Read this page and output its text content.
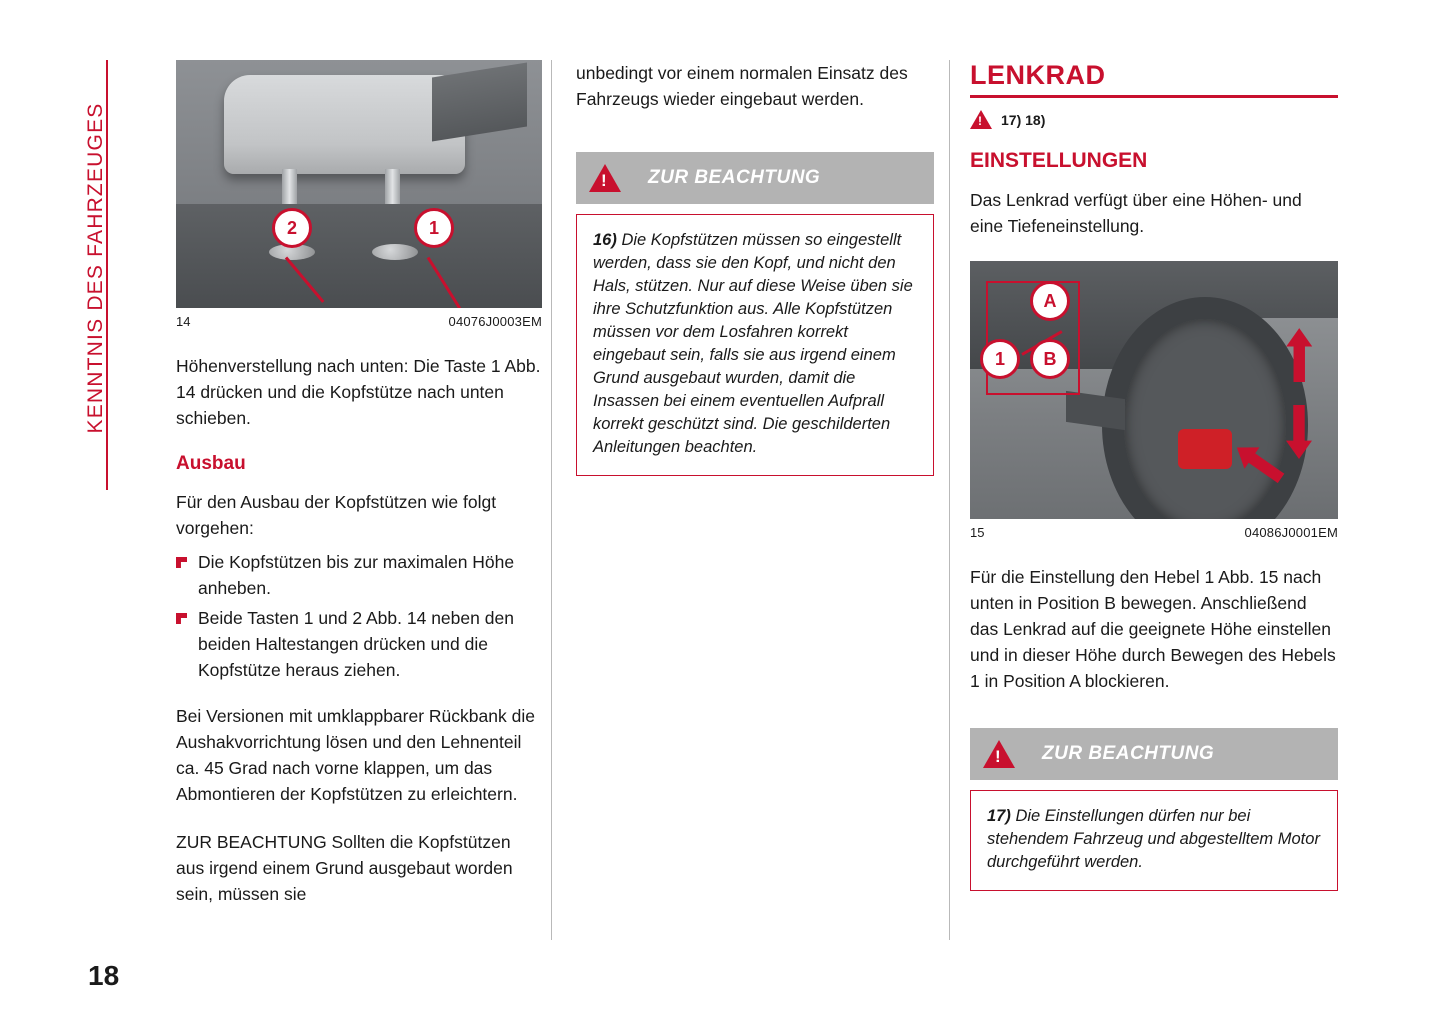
KENNTNIS DES FAHRZEUGES
18
2	1
14	04076J0003EM

Höhenverstellung nach unten: Die Taste 1 Abb. 14 drücken und die Kopfstütze nach unten schieben.

Ausbau

Für den Ausbau der Kopfstützen wie folgt vorgehen:

Die Kopfstützen bis zur maximalen Höhe anheben.
Beide Tasten 1 und 2 Abb. 14 neben den beiden Haltestangen drücken und die Kopfstütze heraus ziehen.

Bei Versionen mit umklappbarer Rückbank die Aushakvorrichtung lösen und den Lehnenteil ca. 45 Grad nach vorne klappen, um das Abmontieren der Kopfstützen zu erleichtern.

ZUR BEACHTUNG Sollten die Kopfstützen aus irgend einem Grund ausgebaut worden sein, müssen sie

unbedingt vor einem normalen Einsatz des Fahrzeugs wieder eingebaut werden.

!
ZUR BEACHTUNG

16) Die Kopfstützen müssen so eingestellt werden, dass sie den Kopf, und nicht den Hals, stützen. Nur auf diese Weise üben sie ihre Schutzfunktion aus. Alle Kopfstützen müssen vor dem Losfahren korrekt eingebaut sein, falls sie aus irgend einem Grund ausgebaut wurden, damit die Insassen bei einem eventuellen Aufprall korrekt geschützt sind. Die geschilderten Anleitungen beachten.

LENKRAD
!
17) 18)
EINSTELLUNGEN

Das Lenkrad verfügt über eine Höhen- und eine Tiefeneinstellung.

A
1	B
15	04086J0001EM

Für die Einstellung den Hebel 1 Abb. 15 nach unten in Position B bewegen. Anschließend das Lenkrad auf die geeignete Höhe einstellen und in dieser Höhe durch Bewegen des Hebels 1 in Position A blockieren.

!
ZUR BEACHTUNG

17) Die Einstellungen dürfen nur bei stehendem Fahrzeug und abgestelltem Motor durchgeführt werden.
